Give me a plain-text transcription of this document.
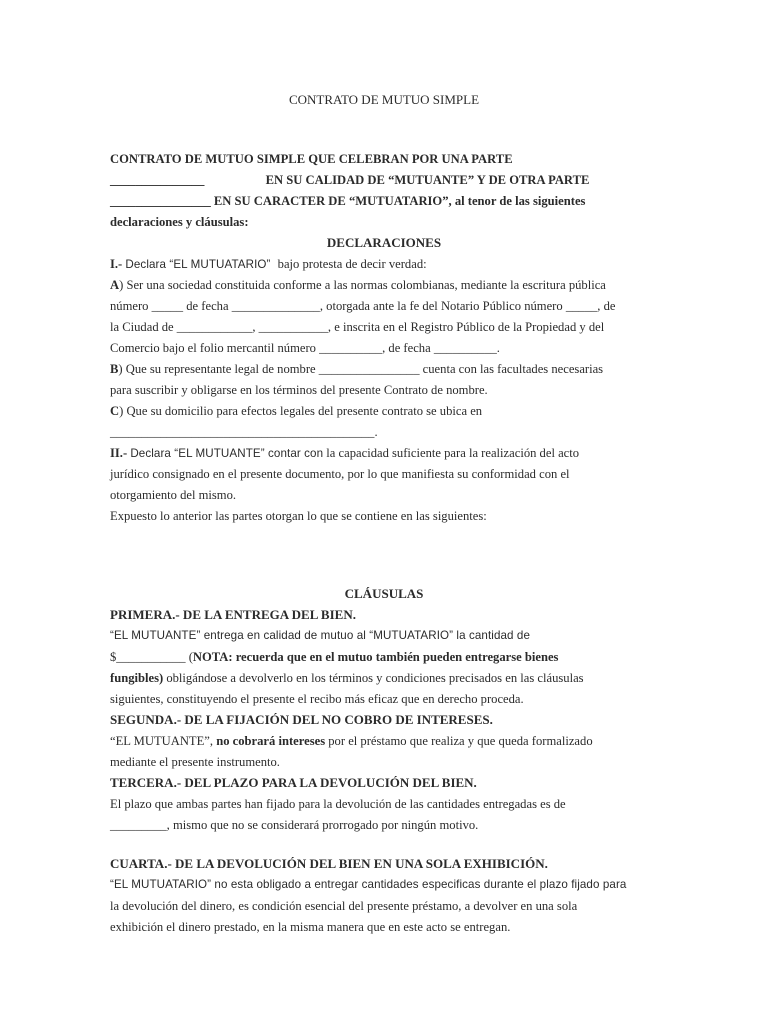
CONTRATO DE MUTUO SIMPLE
CONTRATO DE MUTUO SIMPLE QUE CELEBRAN POR UNA PARTE
_______________	EN SU CALIDAD DE “MUTUANTE” Y DE OTRA PARTE
________________ EN SU CARACTER DE “MUTUATARIO”, al tenor de las siguientes
declaraciones y cláusulas:
DECLARACIONES
I.- Declara “EL MUTUATARIO” bajo protesta de decir verdad:
A) Ser una sociedad constituida conforme a las normas colombianas, mediante la escritura pública
número _____ de fecha ______________, otorgada ante la fe del Notario Público número _____, de
la Ciudad de ____________, ___________, e inscrita en el Registro Público de la Propiedad y del
Comercio bajo el folio mercantil número __________, de fecha __________.
B) Que su representante legal de nombre ________________ cuenta con las facultades necesarias
para suscribir y obligarse en los términos del presente Contrato de nombre.
C) Que su domicilio para efectos legales del presente contrato se ubica en
__________________________________________.
II.- Declara “EL MUTUANTE” contar con la capacidad suficiente para la realización del acto
jurídico consignado en el presente documento, por lo que manifiesta su conformidad con el
otorgamiento del mismo.
Expuesto lo anterior las partes otorgan lo que se contiene en las siguientes:
CLÁUSULAS
PRIMERA.- DE LA ENTREGA DEL BIEN.
“EL MUTUANTE” entrega en calidad de mutuo al “MUTUATARIO” la cantidad de
$___________ (NOTA: recuerda que en el mutuo también pueden entregarse bienes
fungibles) obligándose a devolverlo en los términos y condiciones precisados en las cláusulas
siguientes, constituyendo el presente el recibo más eficaz que en derecho proceda.
SEGUNDA.- DE LA FIJACIÓN DEL NO COBRO DE INTERESES.
“EL MUTUANTE”, no cobrará intereses por el préstamo que realiza y que queda formalizado
mediante el presente instrumento.
TERCERA.- DEL PLAZO PARA LA DEVOLUCIÓN DEL BIEN.
El plazo que ambas partes han fijado para la devolución de las cantidades entregadas es de
_________, mismo que no se considerará prorrogado por ningún motivo.
CUARTA.- DE LA DEVOLUCIÓN DEL BIEN EN UNA SOLA EXHIBICIÓN.
“EL MUTUATARIO” no esta obligado a entregar cantidades especificas durante el plazo fijado para
la devolución del dinero, es condición esencial del presente préstamo, a devolver en una sola
exhibición el dinero prestado, en la misma manera que en este acto se entregan.
